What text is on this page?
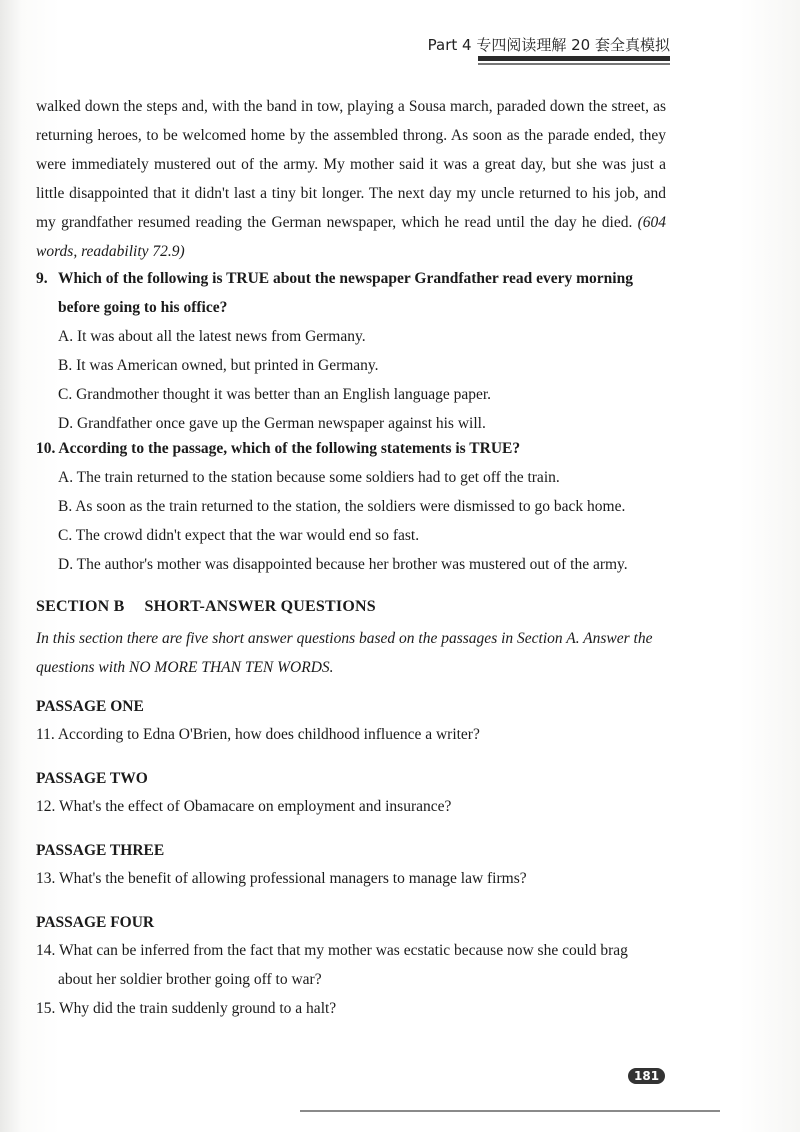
Part 4 专四阅读理解 20 套全真模拟
walked down the steps and, with the band in tow, playing a Sousa march, paraded down the street, as returning heroes, to be welcomed home by the assembled throng. As soon as the parade ended, they were immediately mustered out of the army. My mother said it was a great day, but she was just a little disappointed that it didn't last a tiny bit longer. The next day my uncle returned to his job, and my grandfather resumed reading the German newspaper, which he read until the day he died. (604 words, readability 72.9)
9. Which of the following is TRUE about the newspaper Grandfather read every morning
before going to his office?
A. It was about all the latest news from Germany.
B. It was American owned, but printed in Germany.
C. Grandmother thought it was better than an English language paper.
D. Grandfather once gave up the German newspaper against his will.
10. According to the passage, which of the following statements is TRUE?
A. The train returned to the station because some soldiers had to get off the train.
B. As soon as the train returned to the station, the soldiers were dismissed to go back home.
C. The crowd didn't expect that the war would end so fast.
D. The author's mother was disappointed because her brother was mustered out of the army.
SECTION B SHORT-ANSWER QUESTIONS
In this section there are five short answer questions based on the passages in Section A. Answer the questions with NO MORE THAN TEN WORDS.
PASSAGE ONE
11. According to Edna O'Brien, how does childhood influence a writer?
PASSAGE TWO
12. What's the effect of Obamacare on employment and insurance?
PASSAGE THREE
13. What's the benefit of allowing professional managers to manage law firms?
PASSAGE FOUR
14. What can be inferred from the fact that my mother was ecstatic because now she could brag
about her soldier brother going off to war?
15. Why did the train suddenly ground to a halt?
181
